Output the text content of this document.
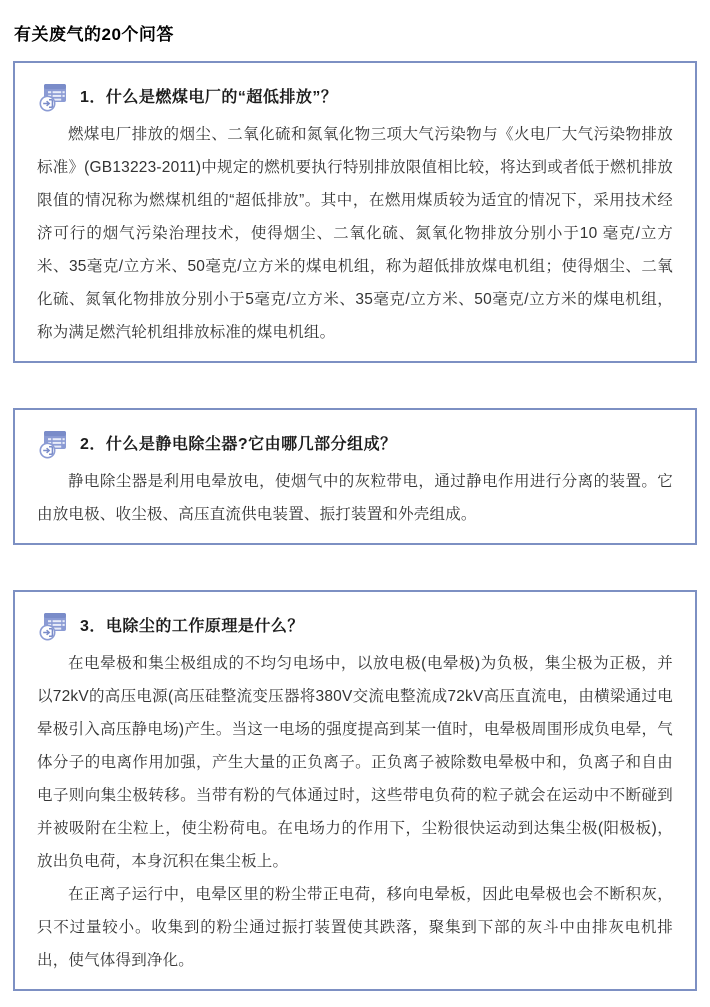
有关废气的20个问答
1．什么是燃煤电厂的“超低排放”？

燃煤电厂排放的烟尘、二氧化硫和氮氧化物三项大气污染物与《火电厂大气污染物排放标准》(GB13223-2011)中规定的燃机要执行特别排放限值相比较，将达到或者低于燃机排放限值的情况称为燃煤机组的“超低排放”。其中，在燃用煤质较为适宜的情况下，采用技术经济可行的烟气污染治理技术，使得烟尘、二氧化硫、氮氧化物排放分别小于10 毫克/立方米、35毫克/立方米、50毫克/立方米的煤电机组，称为超低排放煤电机组；使得烟尘、二氧化硫、氮氧化物排放分别小于5毫克/立方米、35毫克/立方米、50毫克/立方米的煤电机组，称为满足燃汽轮机组排放标准的煤电机组。

2．什么是静电除尘器?它由哪几部分组成？

静电除尘器是利用电晕放电，使烟气中的灰粒带电，通过静电作用进行分离的装置。它由放电极、收尘极、高压直流供电装置、振打装置和外壳组成。

3．电除尘的工作原理是什么？

在电晕极和集尘极组成的不均匀电场中，以放电极(电晕极)为负极，集尘极为正极，并以72kV的高压电源(高压硅整流变压器将380V交流电整流成72kV高压直流电，由横梁通过电晕极引入高压静电场)产生。当这一电场的强度提高到某一值时，电晕极周围形成负电晕，气体分子的电离作用加强，产生大量的正负离子。正负离子被除数电晕极中和，负离子和自由电子则向集尘极转移。当带有粉的气体通过时，这些带电负荷的粒子就会在运动中不断碰到并被吸附在尘粒上，使尘粉荷电。在电场力的作用下，尘粉很快运动到达集尘极(阳极板)，放出负电荷，本身沉积在集尘板上。

在正离子运行中，电晕区里的粉尘带正电荷，移向电晕板，因此电晕极也会不断积灰，只不过量较小。收集到的粉尘通过振打装置使其跌落，聚集到下部的灰斗中由排灰电机排出，使气体得到净化。
